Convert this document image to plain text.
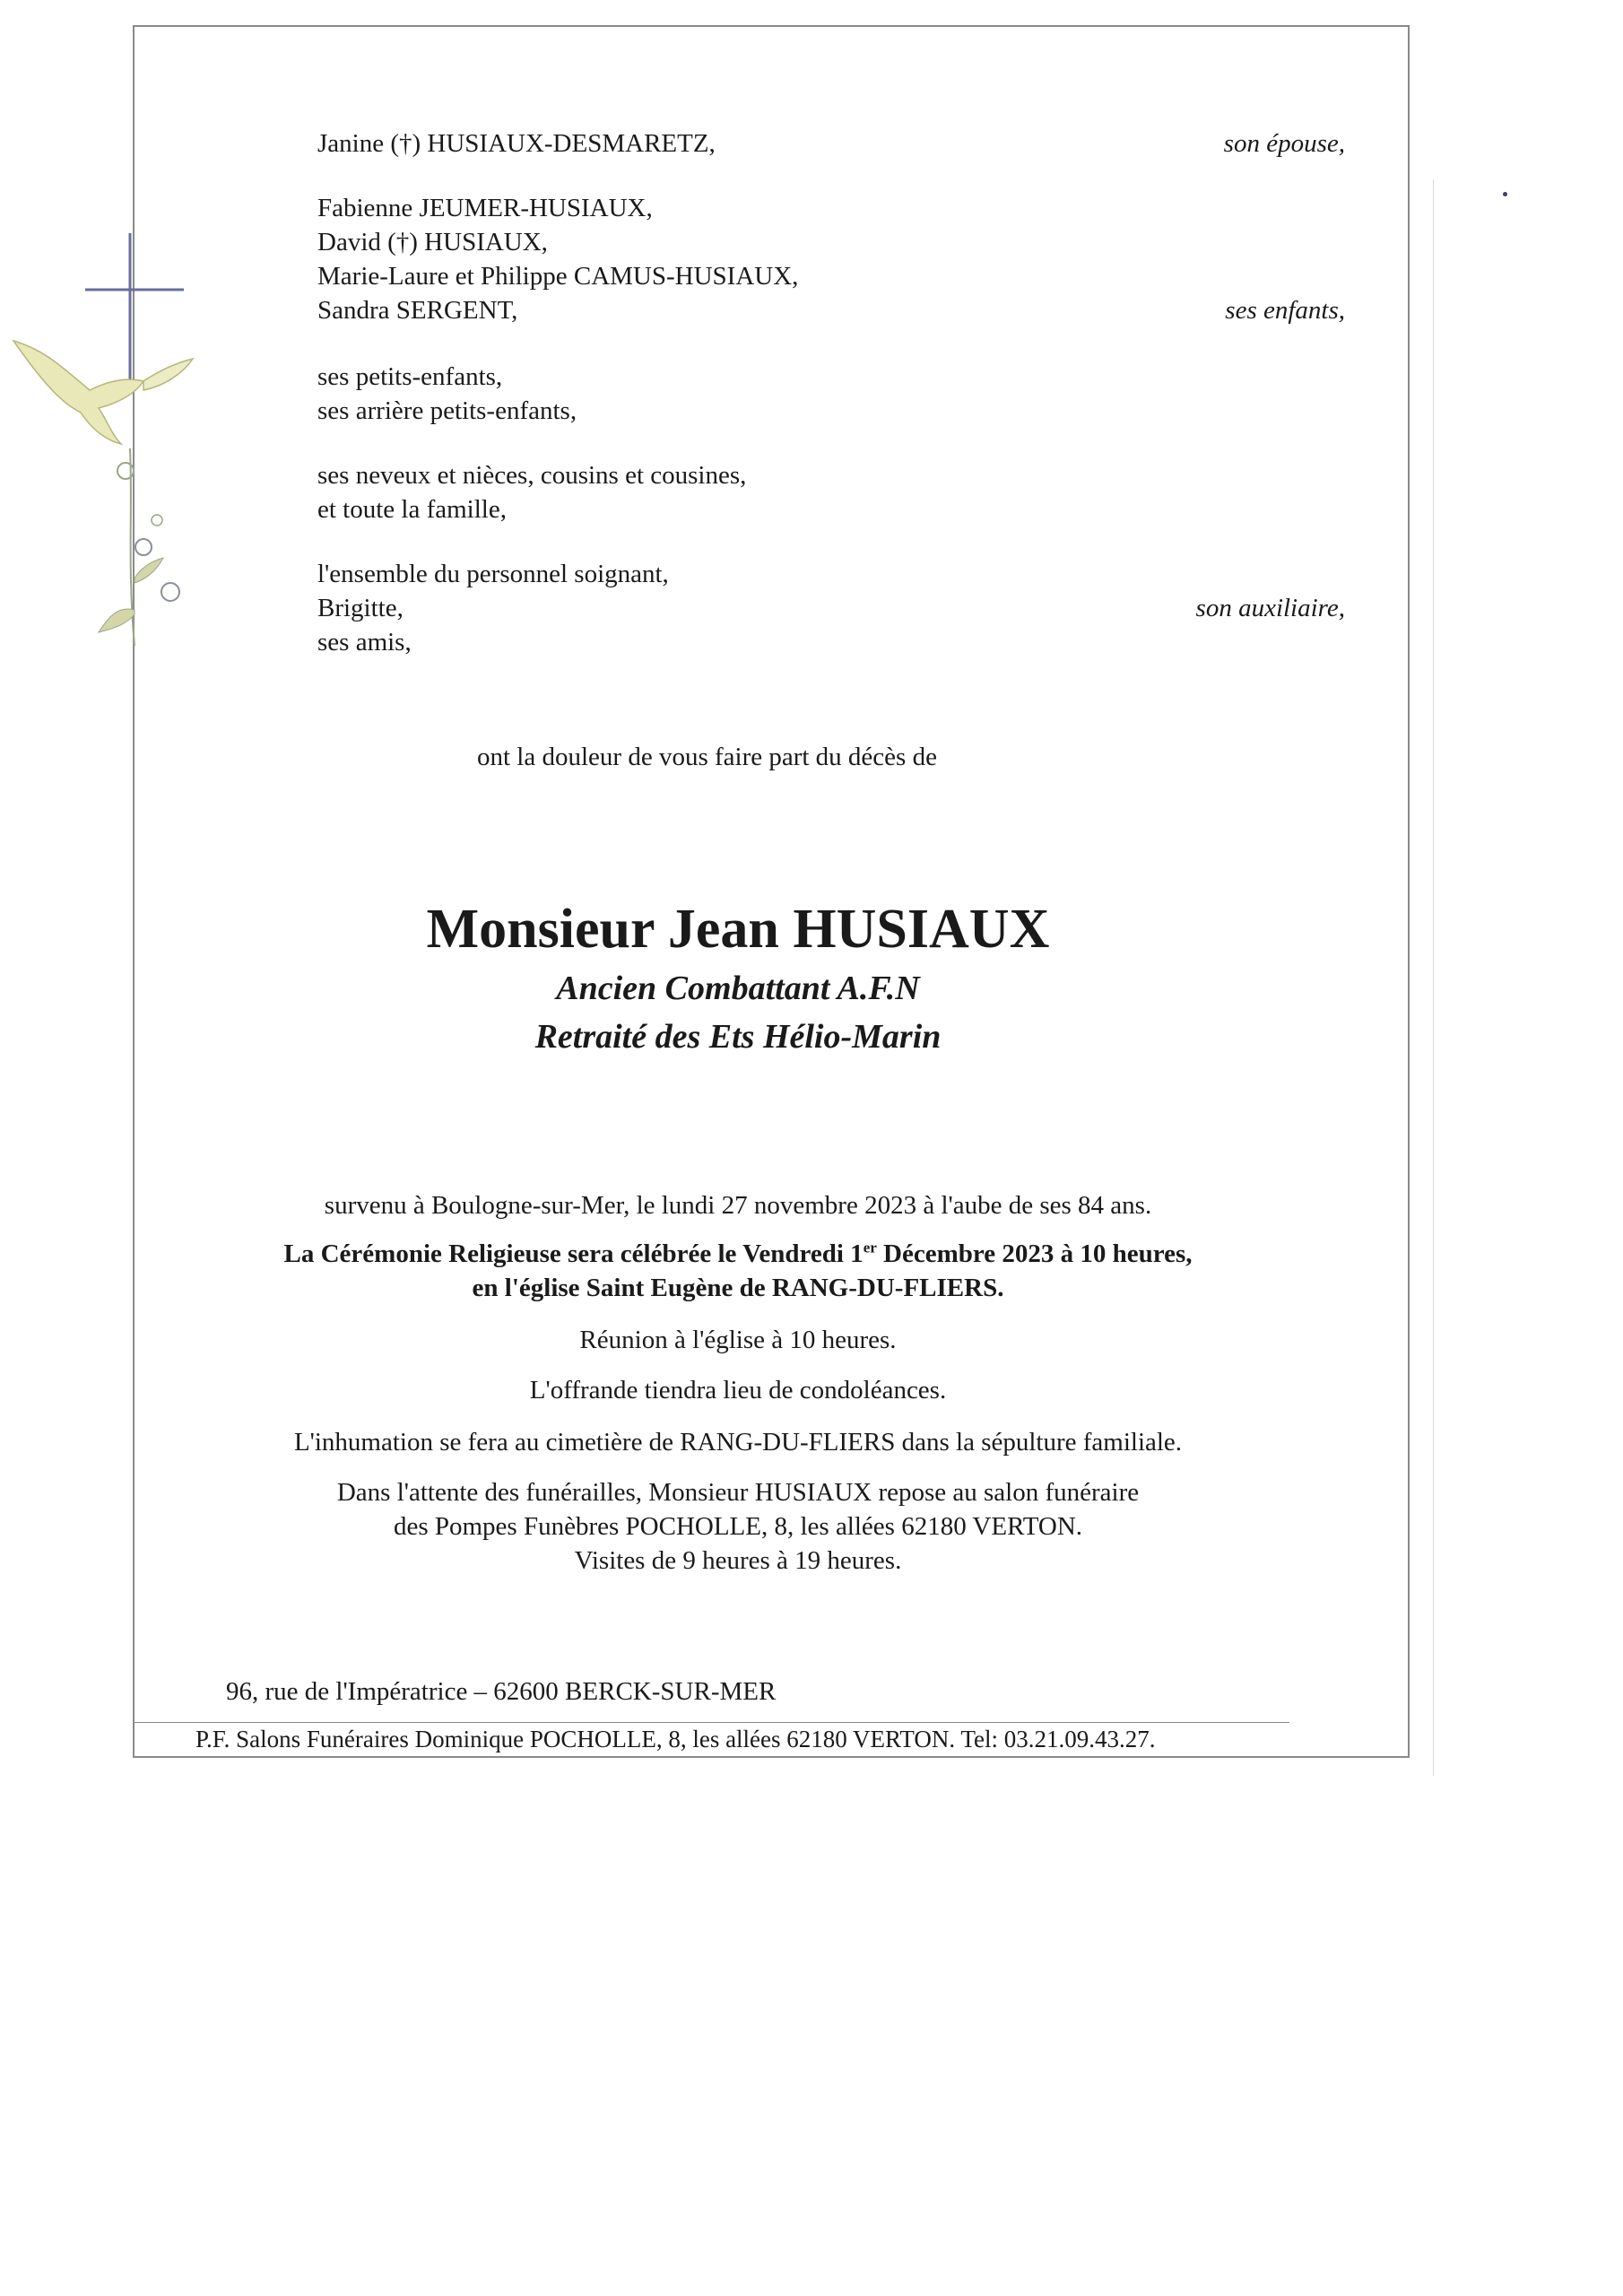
Janine (†) HUSIAUX-DESMARETZ,	son épouse,
Fabienne JEUMER-HUSIAUX,
David (†) HUSIAUX,
Marie-Laure et Philippe CAMUS-HUSIAUX,
Sandra SERGENT,	ses enfants,
ses petits-enfants,
ses arrière petits-enfants,
ses neveux et nièces, cousins et cousines,
et toute la famille,
l'ensemble du personnel soignant,
Brigitte,	son auxiliaire,
ses amis,
ont la douleur de vous faire part du décès de
Monsieur Jean HUSIAUX
Ancien Combattant A.F.N
Retraité des Ets Hélio-Marin
survenu à Boulogne-sur-Mer, le lundi 27 novembre 2023 à l'aube de ses 84 ans.
La Cérémonie Religieuse sera célébrée le Vendredi 1er Décembre 2023 à 10 heures,
en l'église Saint Eugène de RANG-DU-FLIERS.
Réunion à l'église à 10 heures.
L'offrande tiendra lieu de condoléances.
L'inhumation se fera au cimetière de RANG-DU-FLIERS dans la sépulture familiale.
Dans l'attente des funérailles, Monsieur HUSIAUX repose au salon funéraire
des Pompes Funèbres POCHOLLE, 8, les allées 62180 VERTON.
Visites de 9 heures à 19 heures.
96, rue de l'Impératrice – 62600 BERCK-SUR-MER
P.F. Salons Funéraires Dominique POCHOLLE, 8, les allées 62180 VERTON. Tel: 03.21.09.43.27.
